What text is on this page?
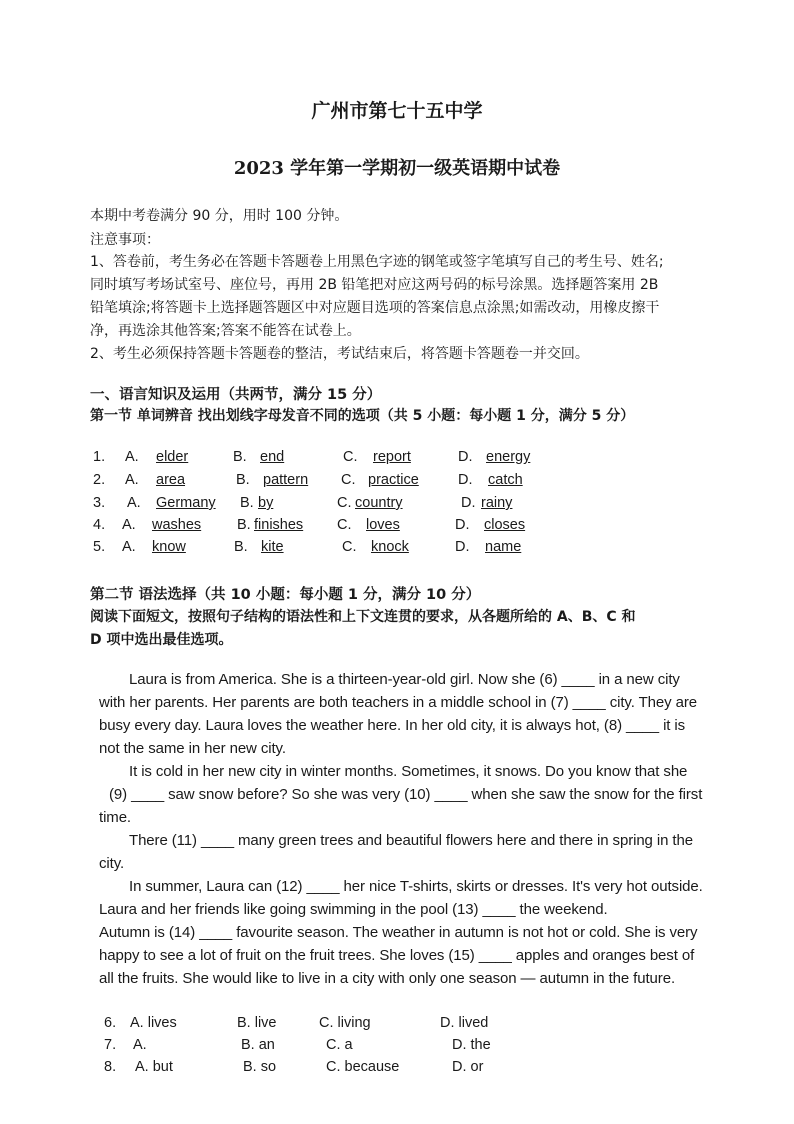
广州市第七十五中学
2023 学年第一学期初一级英语期中试卷
本期中考卷满分 90 分，用时 100 分钟。
注意事项：
1、答卷前，考生务必在答题卡答题卷上用黑色字迹的钢笔或签字笔填写自己的考生号、姓名;
同时填写考场试室号、座位号，再用 2B 铅笔把对应这两号码的标号涂黑。选择题答案用 2B
铅笔填涂;将答题卡上选择题答题区中对应题目选项的答案信息点涂黑;如需改动，用橡皮擦干
净，再选涂其他答案;答案不能答在试卷上。
2、考生必须保持答题卡答题卷的整洁，考试结束后，将答题卡答题卷一并交回。
一、语言知识及运用（共两节，满分 15 分）
第一节 单词辨音 找出划线字母发音不同的选项（共 5 小题：每小题 1 分，满分 5 分）
1. A. elder	B. end	C. report	D. energy
2. A. area	B. pattern C. practice	D. catch
3. A. Germany B. by	C. country	D. rainy
4. A. washes B. finishes C. loves	D. closes
5. A. know	B. kite	C. knock	D. name
第二节 语法选择（共 10 小题：每小题 1 分，满分 10 分）
阅读下面短文，按照句子结构的语法性和上下文连贯的要求，从各题所给的 A、B、C 和
D 项中选出最佳选项。
Laura is from America. She is a thirteen-year-old girl. Now she (6) ____ in a new city
with her parents. Her parents are both teachers in a middle school in (7) ____ city. They are
busy every day. Laura loves the weather here. In her old city, it is always hot, (8) ____ it is
not the same in her new city.
It is cold in her new city in winter months. Sometimes, it snows. Do you know that she
(9) ____ saw snow before? So she was very (10) ____ when she saw the snow for the first
time.
There (11) ____ many green trees and beautiful flowers here and there in spring in the
city.
In summer, Laura can (12) ____ her nice T-shirts, skirts or dresses. It's very hot outside.
Laura and her friends like going swimming in the pool (13) ____ the weekend.
Autumn is (14) ____ favourite season. The weather in autumn is not hot or cold. She is very
happy to see a lot of fruit on the fruit trees. She loves (15) ____ apples and oranges best of
all the fruits. She would like to live in a city with only one season — autumn in the future.
6. A. lives	B. live	C. living	D. lived
7. A.	B. an	C. a	D. the
8. A. but	B. so	C. because	D. or
